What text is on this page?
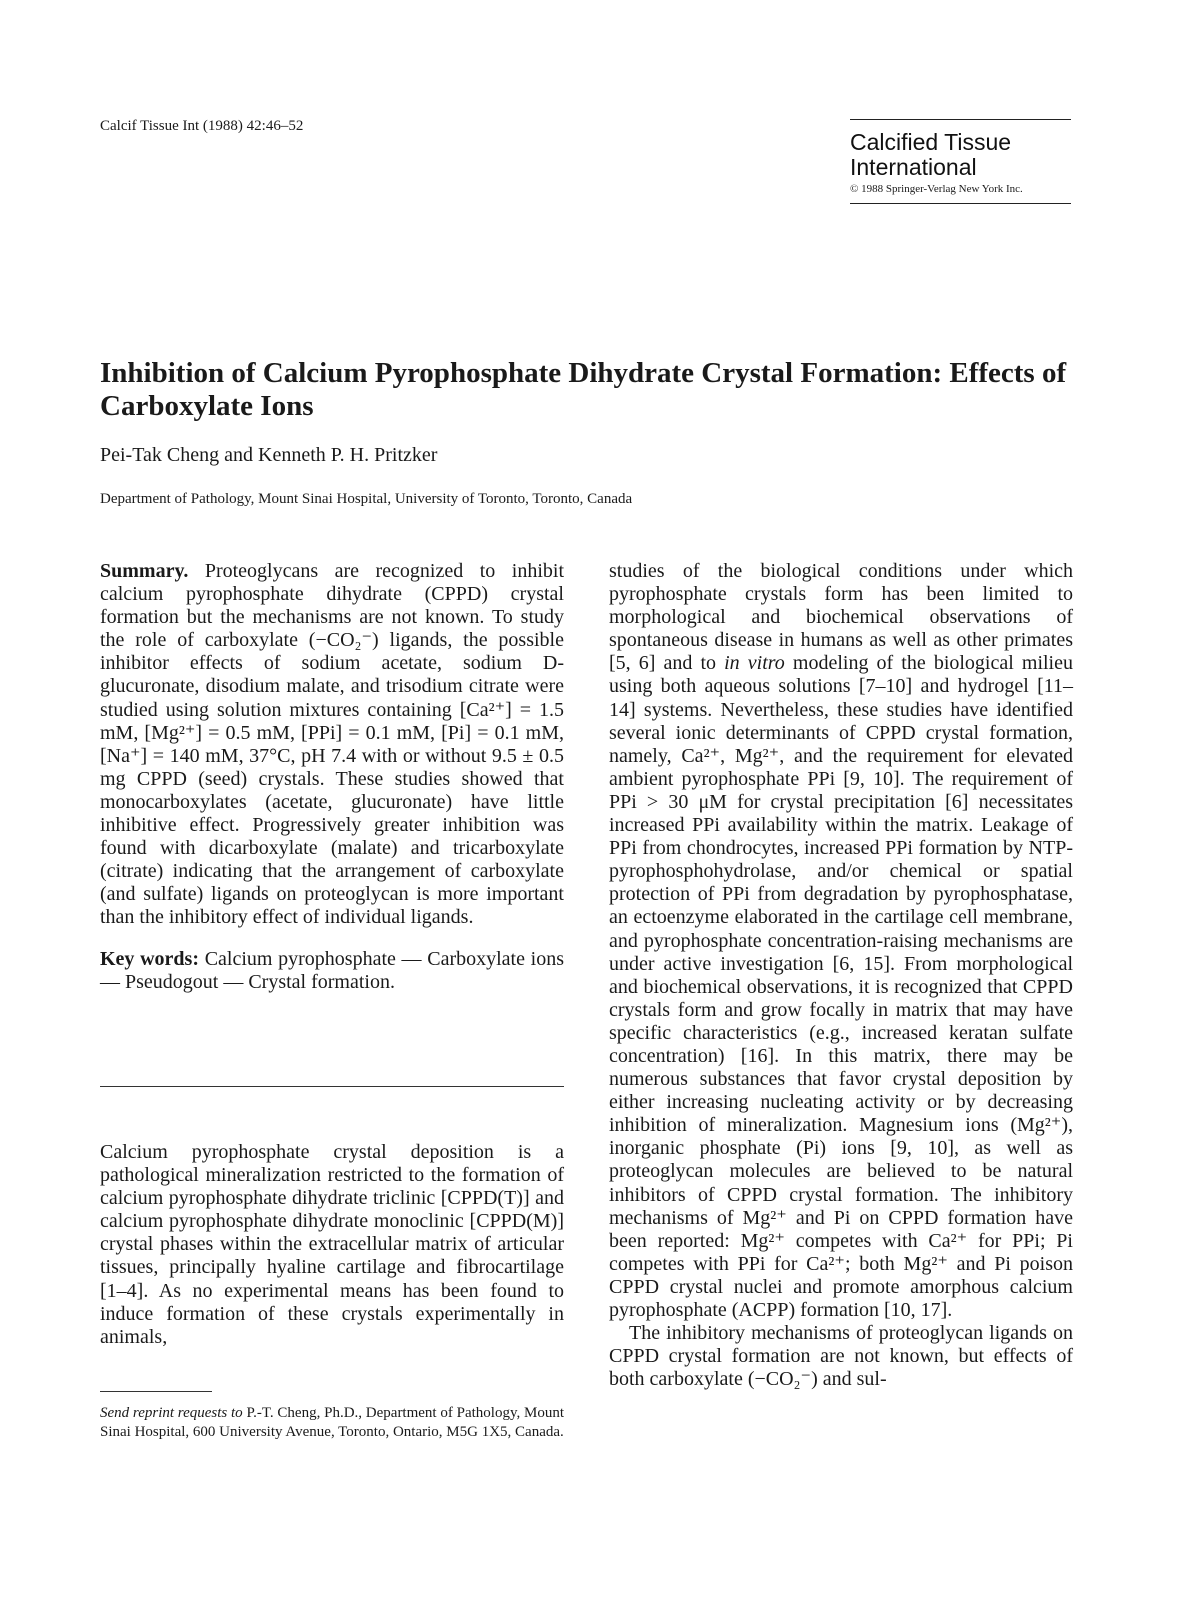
Calcif Tissue Int (1988) 42:46–52
Calcified Tissue International
© 1988 Springer-Verlag New York Inc.
Inhibition of Calcium Pyrophosphate Dihydrate Crystal Formation: Effects of Carboxylate Ions
Pei-Tak Cheng and Kenneth P. H. Pritzker
Department of Pathology, Mount Sinai Hospital, University of Toronto, Toronto, Canada

Summary. Proteoglycans are recognized to inhibit calcium pyrophosphate dihydrate (CPPD) crystal formation but the mechanisms are not known. To study the role of carboxylate (−CO₂⁻) ligands, the possible inhibitor effects of sodium acetate, sodium D-glucuronate, disodium malate, and trisodium citrate were studied using solution mixtures containing [Ca²⁺] = 1.5 mM, [Mg²⁺] = 0.5 mM, [PPi] = 0.1 mM, [Pi] = 0.1 mM, [Na⁺] = 140 mM, 37°C, pH 7.4 with or without 9.5 ± 0.5 mg CPPD (seed) crystals. These studies showed that monocarboxylates (acetate, glucuronate) have little inhibitive effect. Progressively greater inhibition was found with dicarboxylate (malate) and tricarboxylate (citrate) indicating that the arrangement of carboxylate (and sulfate) ligands on proteoglycan is more important than the inhibitory effect of individual ligands.

Key words: Calcium pyrophosphate — Carboxylate ions — Pseudogout — Crystal formation.

Calcium pyrophosphate crystal deposition is a pathological mineralization restricted to the formation of calcium pyrophosphate dihydrate triclinic [CPPD(T)] and calcium pyrophosphate dihydrate monoclinic [CPPD(M)] crystal phases within the extracellular matrix of articular tissues, principally hyaline cartilage and fibrocartilage [1–4]. As no experimental means has been found to induce formation of these crystals experimentally in animals,

Send reprint requests to P.-T. Cheng, Ph.D., Department of Pathology, Mount Sinai Hospital, 600 University Avenue, Toronto, Ontario, M5G 1X5, Canada.

studies of the biological conditions under which pyrophosphate crystals form has been limited to morphological and biochemical observations of spontaneous disease in humans as well as other primates [5, 6] and to in vitro modeling of the biological milieu using both aqueous solutions [7–10] and hydrogel [11–14] systems. Nevertheless, these studies have identified several ionic determinants of CPPD crystal formation, namely, Ca²⁺, Mg²⁺, and the requirement for elevated ambient pyrophosphate PPi [9, 10]. The requirement of PPi > 30 μM for crystal precipitation [6] necessitates increased PPi availability within the matrix. Leakage of PPi from chondrocytes, increased PPi formation by NTP-pyrophosphohydrolase, and/or chemical or spatial protection of PPi from degradation by pyrophosphatase, an ectoenzyme elaborated in the cartilage cell membrane, and pyrophosphate concentration-raising mechanisms are under active investigation [6, 15]. From morphological and biochemical observations, it is recognized that CPPD crystals form and grow focally in matrix that may have specific characteristics (e.g., increased keratan sulfate concentration) [16]. In this matrix, there may be numerous substances that favor crystal deposition by either increasing nucleating activity or by decreasing inhibition of mineralization. Magnesium ions (Mg²⁺), inorganic phosphate (Pi) ions [9, 10], as well as proteoglycan molecules are believed to be natural inhibitors of CPPD crystal formation. The inhibitory mechanisms of Mg²⁺ and Pi on CPPD formation have been reported: Mg²⁺ competes with Ca²⁺ for PPi; Pi competes with PPi for Ca²⁺; both Mg²⁺ and Pi poison CPPD crystal nuclei and promote amorphous calcium pyrophosphate (ACPP) formation [10, 17].

The inhibitory mechanisms of proteoglycan ligands on CPPD crystal formation are not known, but effects of both carboxylate (−CO₂⁻) and sul-
